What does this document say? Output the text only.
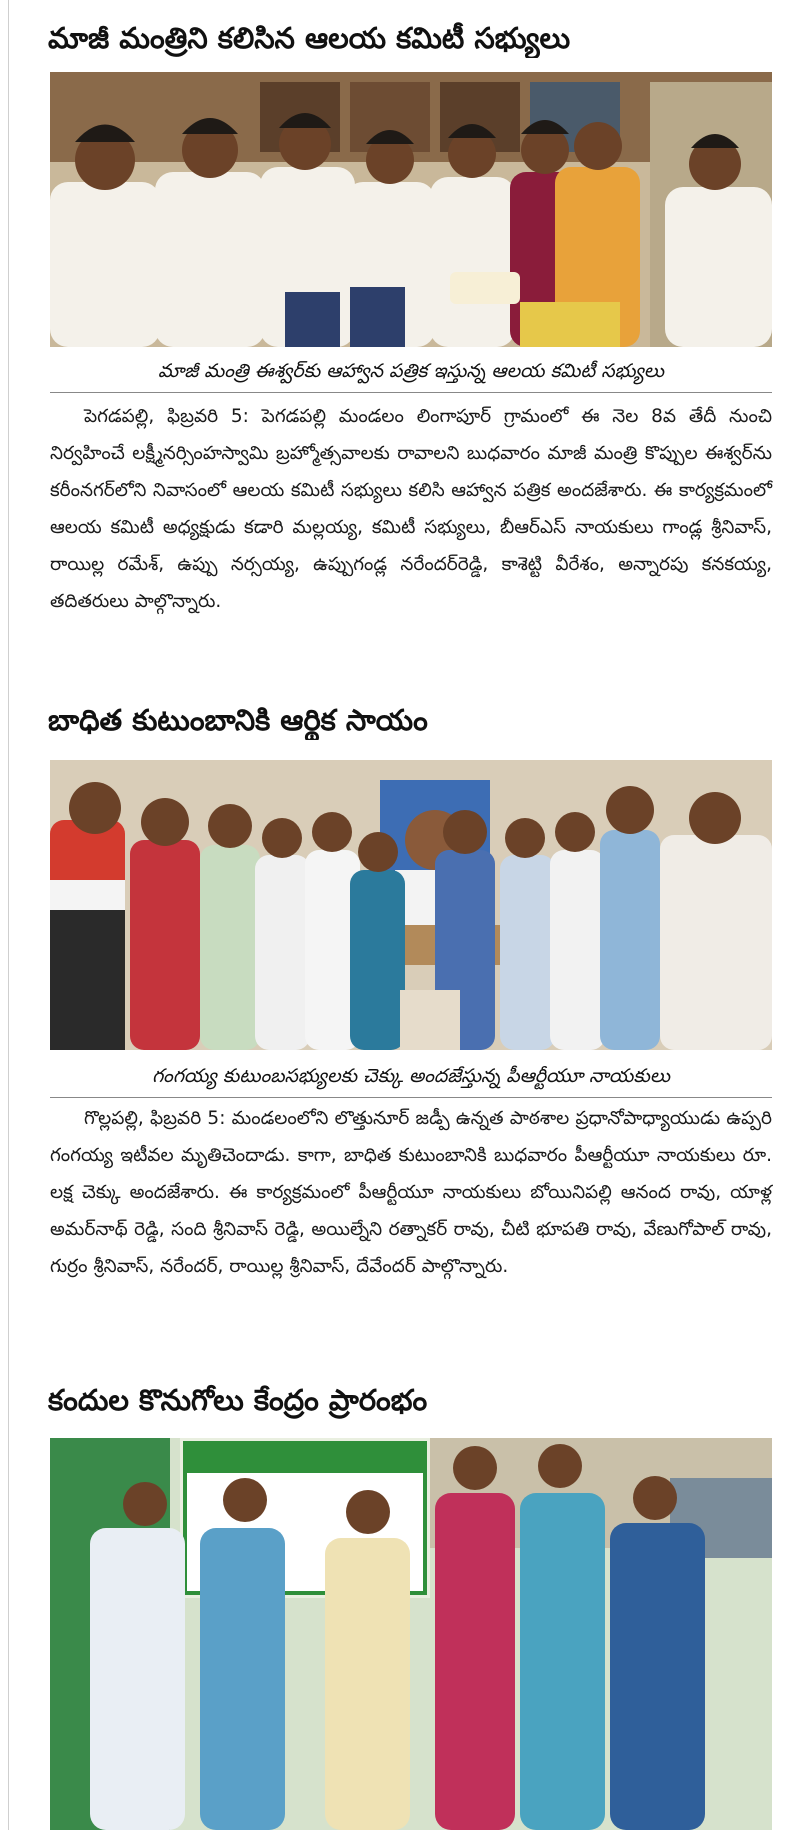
మాజీ మంత్రిని కలిసిన ఆలయ కమిటీ సభ్యులు
మాజీ మంత్రి ఈశ్వర్‌కు ఆహ్వాన పత్రిక ఇస్తున్న ఆలయ కమిటీ సభ్యులు

పెగడపల్లి, ఫిబ్రవరి 5: పెగడపల్లి మండలం లింగాపూర్ గ్రామంలో ఈ నెల 8వ తేదీ నుంచి నిర్వహించే లక్ష్మీనర్సింహస్వామి బ్రహ్మోత్సవాలకు రావాలని బుధవారం మాజీ మంత్రి కొప్పుల ఈశ్వర్‌ను కరీంనగర్‌లోని నివాసంలో ఆలయ కమిటీ సభ్యులు కలిసి ఆహ్వాన పత్రిక అందజేశారు. ఈ కార్యక్రమంలో ఆలయ కమిటీ అధ్యక్షుడు కడారి మల్లయ్య, కమిటీ సభ్యులు, బీఆర్‌ఎస్ నాయకులు గాండ్ల శ్రీనివాస్, రాయిల్ల రమేశ్, ఉప్పు నర్సయ్య, ఉప్పుగండ్ల నరేందర్‌రెడ్డి, కాశెట్టి వీరేశం, అన్నారపు కనకయ్య, తదితరులు పాల్గొన్నారు.

బాధిత కుటుంబానికి ఆర్థిక సాయం
గంగయ్య కుటుంబసభ్యులకు చెక్కు అందజేస్తున్న పీఆర్టీయూ నాయకులు

గొల్లపల్లి, ఫిబ్రవరి 5: మండలంలోని లొత్తునూర్ జడ్పీ ఉన్నత పాఠశాల ప్రధానోపాధ్యాయుడు ఉప్పరి గంగయ్య ఇటీవల మృతిచెందాడు. కాగా, బాధిత కుటుంబానికి బుధవారం పీఆర్టీయూ నాయకులు రూ. లక్ష చెక్కు అందజేశారు. ఈ కార్యక్రమంలో పీఆర్టీయూ నాయకులు బోయినిపల్లి ఆనంద రావు, యాళ్ల అమర్‌నాథ్ రెడ్డి, సంది శ్రీనివాస్ రెడ్డి, అయిల్నేని రత్నాకర్ రావు, చీటి భూపతి రావు, వేణుగోపాల్ రావు, గుర్రం శ్రీనివాస్, నరేందర్, రాయిల్ల శ్రీనివాస్, దేవేందర్ పాల్గొన్నారు.

కందుల కొనుగోలు కేంద్రం ప్రారంభం
